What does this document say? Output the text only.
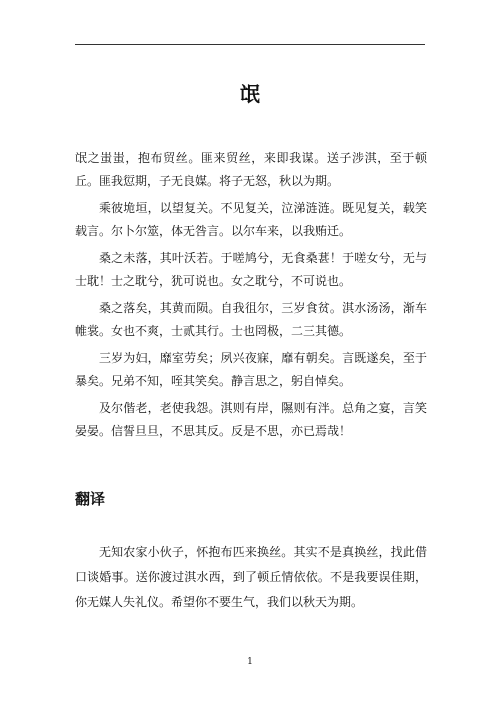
氓

氓之蚩蚩，抱布贸丝。匪来贸丝，来即我谋。送子涉淇，至于顿丘。匪我愆期，子无良媒。将子无怒，秋以为期。

乘彼垝垣，以望复关。不见复关，泣涕涟涟。既见复关，载笑载言。尔卜尔筮，体无咎言。以尔车来，以我贿迁。

桑之未落，其叶沃若。于嗟鸠兮，无食桑葚！于嗟女兮，无与士耽！士之耽兮，犹可说也。女之耽兮，不可说也。

桑之落矣，其黄而陨。自我徂尔，三岁食贫。淇水汤汤，渐车帷裳。女也不爽，士贰其行。士也罔极，二三其德。

三岁为妇，靡室劳矣；夙兴夜寐，靡有朝矣。言既遂矣，至于暴矣。兄弟不知，咥其笑矣。静言思之，躬自悼矣。

及尔偕老，老使我怨。淇则有岸，隰则有泮。总角之宴，言笑晏晏。信誓旦旦，不思其反。反是不思，亦已焉哉！

翻译

无知农家小伙子，怀抱布匹来换丝。其实不是真换丝，找此借口谈婚事。送你渡过淇水西，到了顿丘情依依。不是我要误佳期，你无媒人失礼仪。希望你不要生气，我们以秋天为期。

1
